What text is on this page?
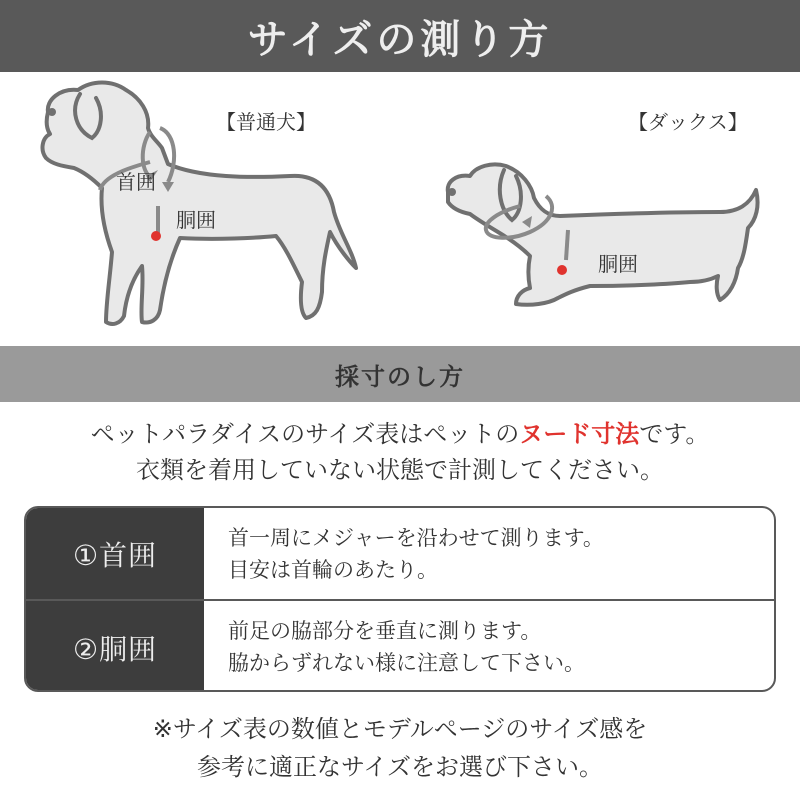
サイズの測り方
【普通犬】	【ダックス】
首囲
胴囲
胴囲
採寸のし方
ペットパラダイスのサイズ表はペットのヌード寸法です。
衣類を着用していない状態で計測してください。
①首囲
首一周にメジャーを沿わせて測ります。
目安は首輪のあたり。
②胴囲
前足の脇部分を垂直に測ります。
脇からずれない様に注意して下さい。
※サイズ表の数値とモデルページのサイズ感を
参考に適正なサイズをお選び下さい。
